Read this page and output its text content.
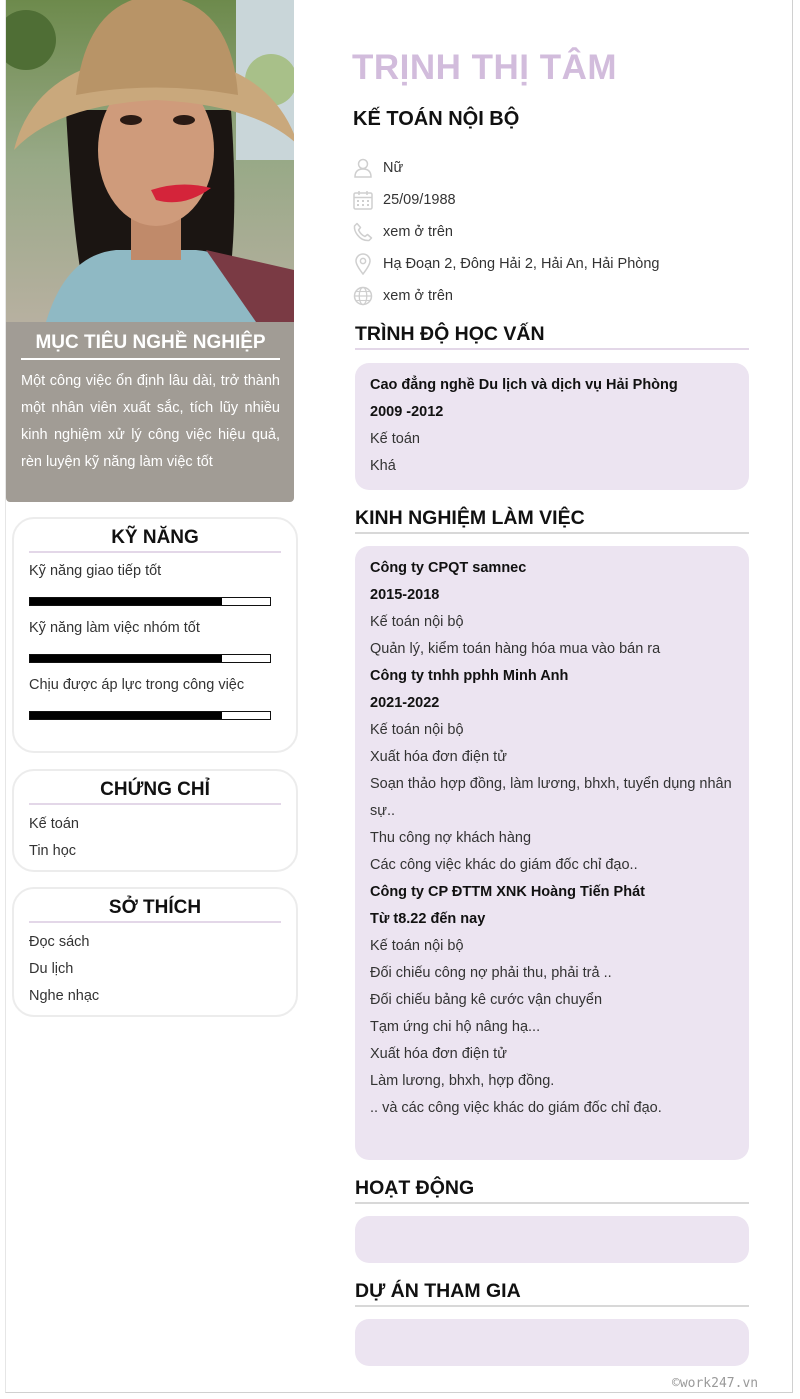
MỤC TIÊU NGHỀ NGHIỆP

Một công việc ổn định lâu dài, trở thành một nhân viên xuất sắc, tích lũy nhiều kinh nghiệm xử lý công việc hiệu quả, rèn luyện kỹ năng làm việc tốt

KỸ NĂNG
Kỹ năng giao tiếp tốt
Kỹ năng làm việc nhóm tốt
Chịu được áp lực trong công việc
CHỨNG CHỈ
Kế toán
Tin học
SỞ THÍCH
Đọc sách
Du lịch
Nghe nhạc
TRỊNH THỊ TÂM
KẾ TOÁN NỘI BỘ
Nữ
25/09/1988
xem ở trên
Hạ Đoạn 2, Đông Hải 2, Hải An, Hải Phòng
xem ở trên
TRÌNH ĐỘ HỌC VẤN
Cao đẳng nghề Du lịch và dịch vụ Hải Phòng
2009 -2012
Kế toán
Khá
KINH NGHIỆM LÀM VIỆC
Công ty CPQT samnec
2015-2018
Kế toán nội bộ
Quản lý, kiểm toán hàng hóa mua vào bán ra
Công ty tnhh pphh Minh Anh
2021-2022
Kế toán nội bộ
Xuất hóa đơn điện tử
Soạn thảo hợp đồng, làm lương, bhxh, tuyển dụng nhân
sự..
Thu công nợ khách hàng
Các công việc khác do giám đốc chỉ đạo..
Công ty CP ĐTTM XNK Hoàng Tiến Phát
Từ t8.22 đến nay
Kế toán nội bộ
Đối chiếu công nợ phải thu, phải trả ..
Đối chiếu bảng kê cước vận chuyển
Tạm ứng chi hộ nâng hạ...
Xuất hóa đơn điện tử
Làm lương, bhxh, hợp đồng.
.. và các công việc khác do giám đốc chỉ đạo.
HOẠT ĐỘNG
DỰ ÁN THAM GIA
©work247.vn
